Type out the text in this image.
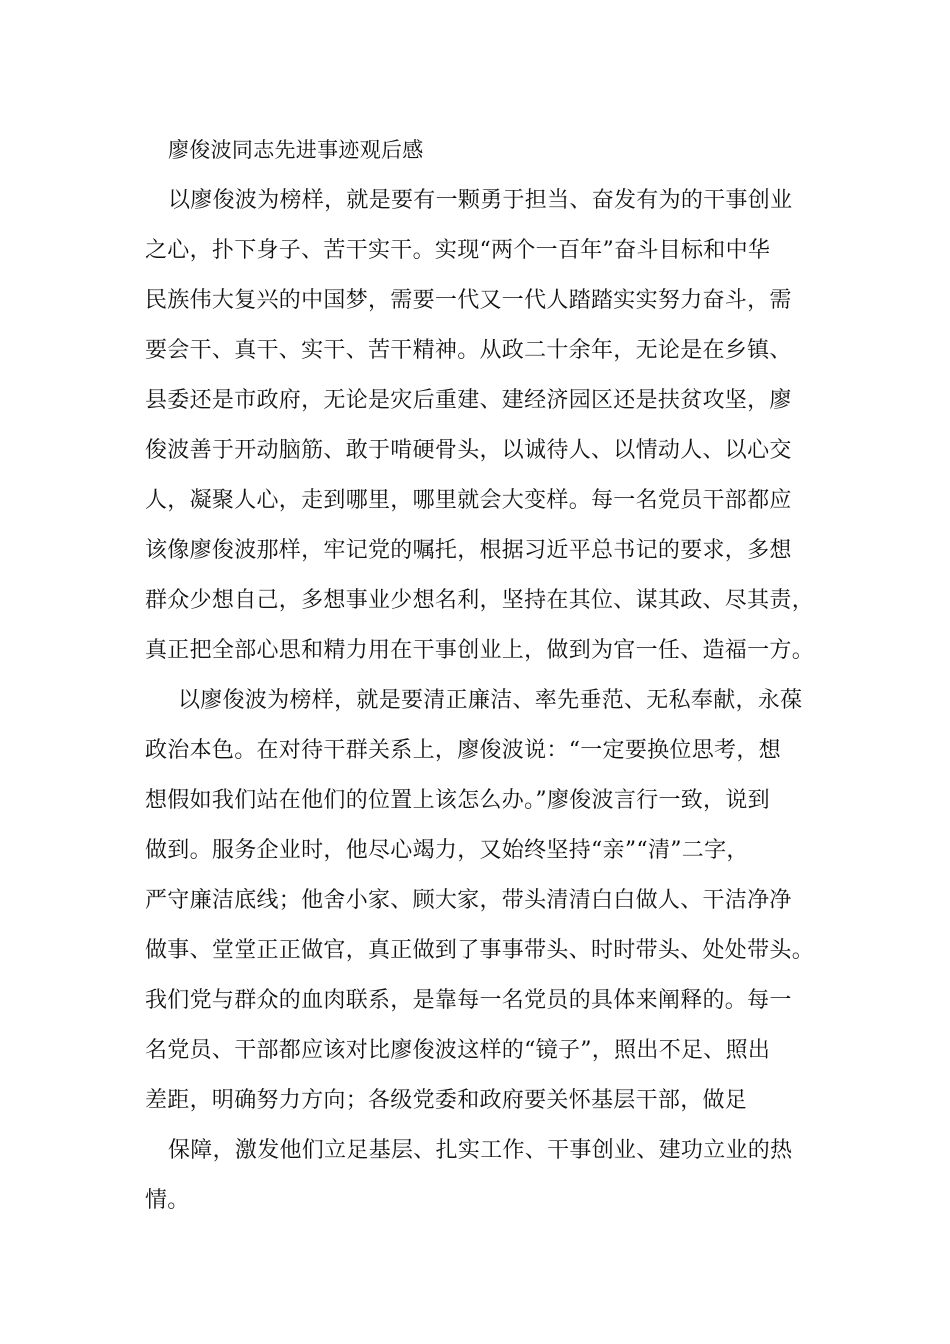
廖俊波同志先进事迹观后感
以廖俊波为榜样，就是要有一颗勇于担当、奋发有为的干事创业
之心，扑下身子、苦干实干。实现“两个一百年”奋斗目标和中华
民族伟大复兴的中国梦，需要一代又一代人踏踏实实努力奋斗，需
要会干、真干、实干、苦干精神。从政二十余年，无论是在乡镇、
县委还是市政府，无论是灾后重建、建经济园区还是扶贫攻坚，廖
俊波善于开动脑筋、敢于啃硬骨头，以诚待人、以情动人、以心交
人，凝聚人心，走到哪里，哪里就会大变样。每一名党员干部都应
该像廖俊波那样，牢记党的嘱托，根据习近平总书记的要求，多想
群众少想自己，多想事业少想名利，坚持在其位、谋其政、尽其责，
真正把全部心思和精力用在干事创业上，做到为官一任、造福一方。
以廖俊波为榜样，就是要清正廉洁、率先垂范、无私奉献，永葆
政治本色。在对待干群关系上，廖俊波说：“一定要换位思考，想
想假如我们站在他们的位置上该怎么办。”廖俊波言行一致，说到
做到。服务企业时，他尽心竭力，又始终坚持“亲”“清”二字，
严守廉洁底线；他舍小家、顾大家，带头清清白白做人、干洁净净
做事、堂堂正正做官，真正做到了事事带头、时时带头、处处带头。
我们党与群众的血肉联系，是靠每一名党员的具体来阐释的。每一
名党员、干部都应该对比廖俊波这样的“镜子”，照出不足、照出
差距，明确努力方向；各级党委和政府要关怀基层干部，做足
保障，激发他们立足基层、扎实工作、干事创业、建功立业的热
情。
